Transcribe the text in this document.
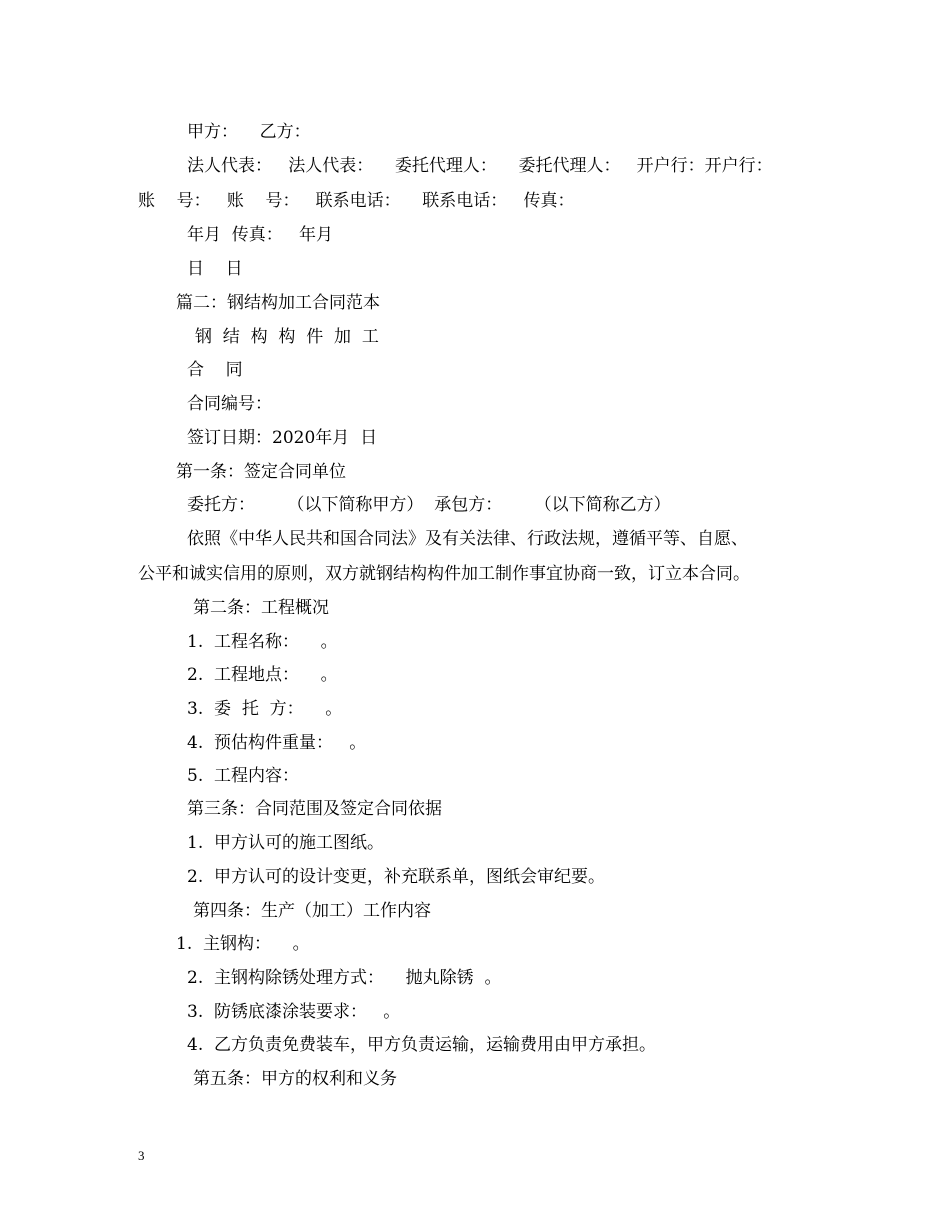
甲方：    乙方：
法人代表：   法人代表：    委托代理人：    委托代理人：   开户行：开户行：
账    号：   账    号：   联系电话：    联系电话：   传真：
年月  传真：   年月
日    日
篇二：钢结构加工合同范本
钢  结  构  构  件  加  工
合    同
合同编号：
签订日期：2020年月  日
第一条：签定合同单位
委托方：      （以下简称甲方）  承包方：      （以下简称乙方）
依照《中华人民共和国合同法》及有关法律、行政法规，遵循平等、自愿、
公平和诚实信用的原则，双方就钢结构构件加工制作事宜协商一致，订立本合同。
第二条：工程概况
1.  工程名称：    。
2.  工程地点：    。
3.  委  托  方：    。
4.  预估构件重量：   。
5.  工程内容：
第三条：合同范围及签定合同依据
1.  甲方认可的施工图纸。
2.  甲方认可的设计变更，补充联系单，图纸会审纪要。
第四条：生产（加工）工作内容
1.  主钢构：    。
2.  主钢构除锈处理方式：    抛丸除锈  。
3.  防锈底漆涂装要求：   。
4.  乙方负责免费装车，甲方负责运输，运输费用由甲方承担。
第五条：甲方的权利和义务
3
